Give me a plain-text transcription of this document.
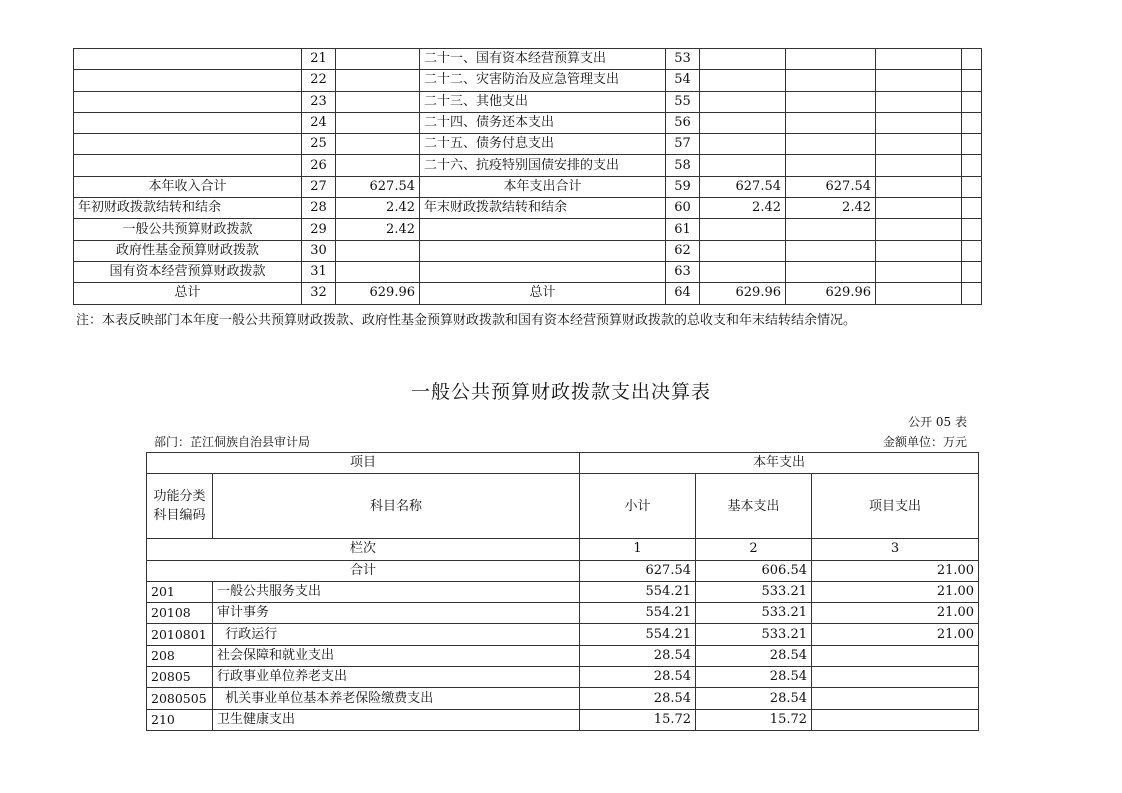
	21		二十一、国有资本经营预算支出	53				
	22		二十二、灾害防治及应急管理支出	54				
	23		二十三、其他支出	55				
	24		二十四、债务还本支出	56				
	25		二十五、债务付息支出	57				
	26		二十六、抗疫特别国债安排的支出	58				
本年收入合计	27	627.54	本年支出合计	59	627.54	627.54		
年初财政拨款结转和结余	28	2.42	年末财政拨款结转和结余	60	2.42	2.42		
一般公共预算财政拨款	29	2.42		61				
政府性基金预算财政拨款	30			62				
国有资本经营预算财政拨款	31			63				
总计	32	629.96	总计	64	629.96	629.96		
注：本表反映部门本年度一般公共预算财政拨款、政府性基金预算财政拨款和国有资本经营预算财政拨款的总收支和年末结转结余情况。
一般公共预算财政拨款支出决算表
公开 05 表
部门：芷江侗族自治县审计局	金额单位：万元
项目		本年支出		
功能分类科目编码	科目名称	小计	基本支出	项目支出
栏次		1	2	3
合计		627.54	606.54	21.00
201	一般公共服务支出	554.21	533.21	21.00
20108	审计事务	554.21	533.21	21.00
2010801	行政运行	554.21	533.21	21.00
208	社会保障和就业支出	28.54	28.54	
20805	行政事业单位养老支出	28.54	28.54	
2080505	机关事业单位基本养老保险缴费支出	28.54	28.54	
210	卫生健康支出	15.72	15.72	
